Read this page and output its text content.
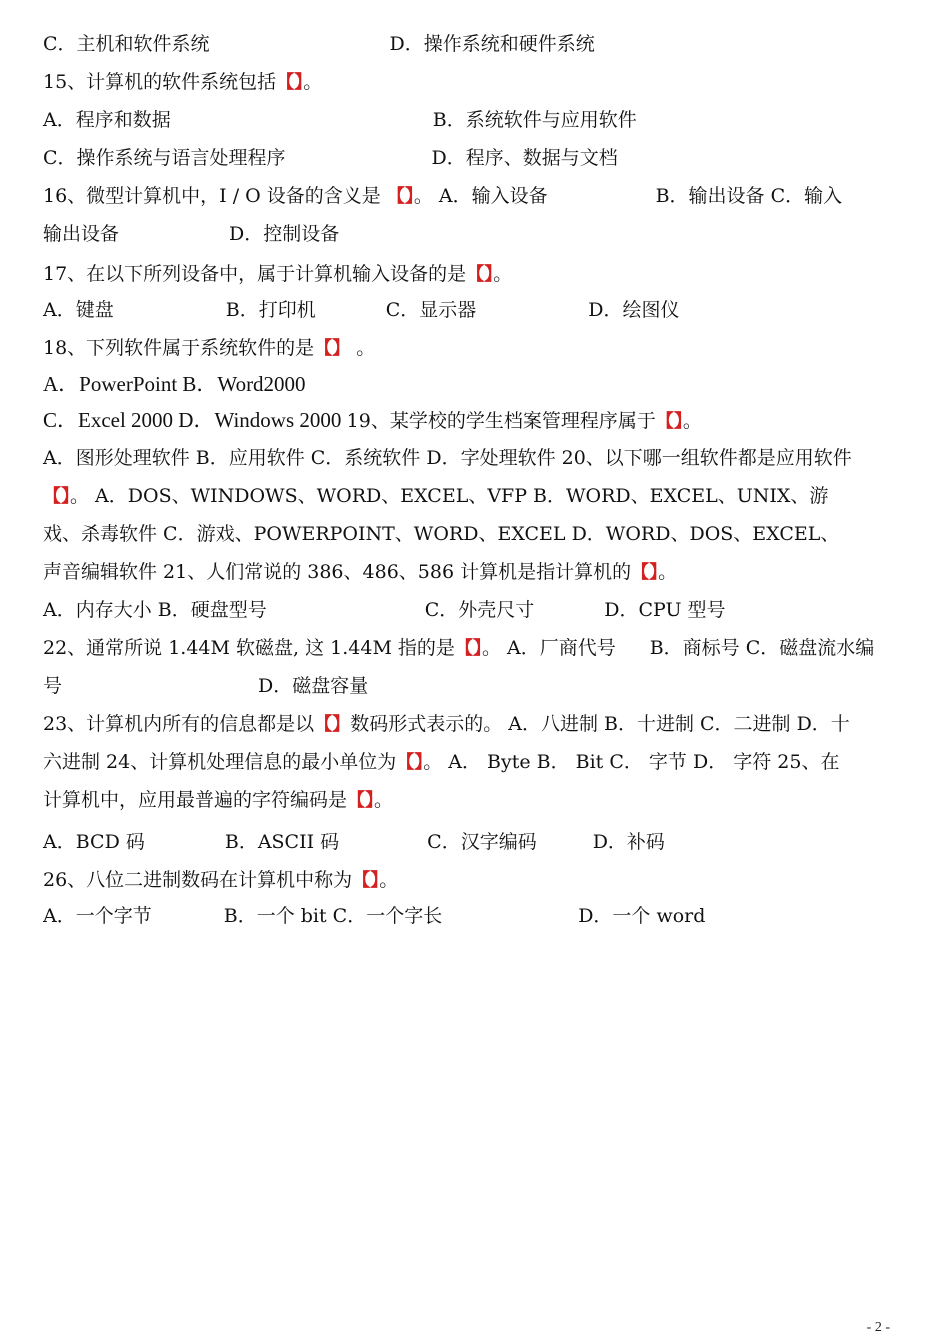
C．主机和软件系统	D．操作系统和硬件系统
15、计算机的软件系统包括【】。
A．程序和数据	B．系统软件与应用软件
C．操作系统与语言处理程序	D．程序、数据与文档
16、微型计算机中，I / O 设备的含义是 【】。 A．输入设备	B．输出设备 C．输入
输出设备	D．控制设备
17、在以下所列设备中，属于计算机输入设备的是【】。
A．键盘	B．打印机	C．显示器	D．绘图仪
18、下列软件属于系统软件的是【】 。
A．PowerPoint B．Word2000
C．Excel 2000 D．Windows 2000 19、某学校的学生档案管理程序属于【】。
A．图形处理软件 B．应用软件 C．系统软件 D．字处理软件 20、以下哪一组软件都是应用软件
【】。 A．DOS、WINDOWS、WORD、EXCEL、VFP B．WORD、EXCEL、UNIX、游
戏、杀毒软件 C．游戏、POWERPOINT、WORD、EXCEL D．WORD、DOS、EXCEL、
声音编辑软件 21、人们常说的 386、486、586 计算机是指计算机的【】。
A．内存大小 B．硬盘型号	C．外壳尺寸	D．CPU 型号
22、通常所说 1.44M 软磁盘, 这 1.44M 指的是【】。 A．厂商代号 B．商标号 C．磁盘流水编
号	D．磁盘容量
23、计算机内所有的信息都是以【】数码形式表示的。 A．八进制 B．十进制 C．二进制 D．十
六进制 24、计算机处理信息的最小单位为【】。 A． Byte B． Bit C． 字节 D． 字符 25、在
计算机中，应用最普遍的字符编码是【】。
A．BCD 码	B．ASCII 码	C．汉字编码	D．补码
26、八位二进制数码在计算机中称为【】。
A．一个字节	B．一个 bit C．一个字长	D．一个 word
- 2 -
